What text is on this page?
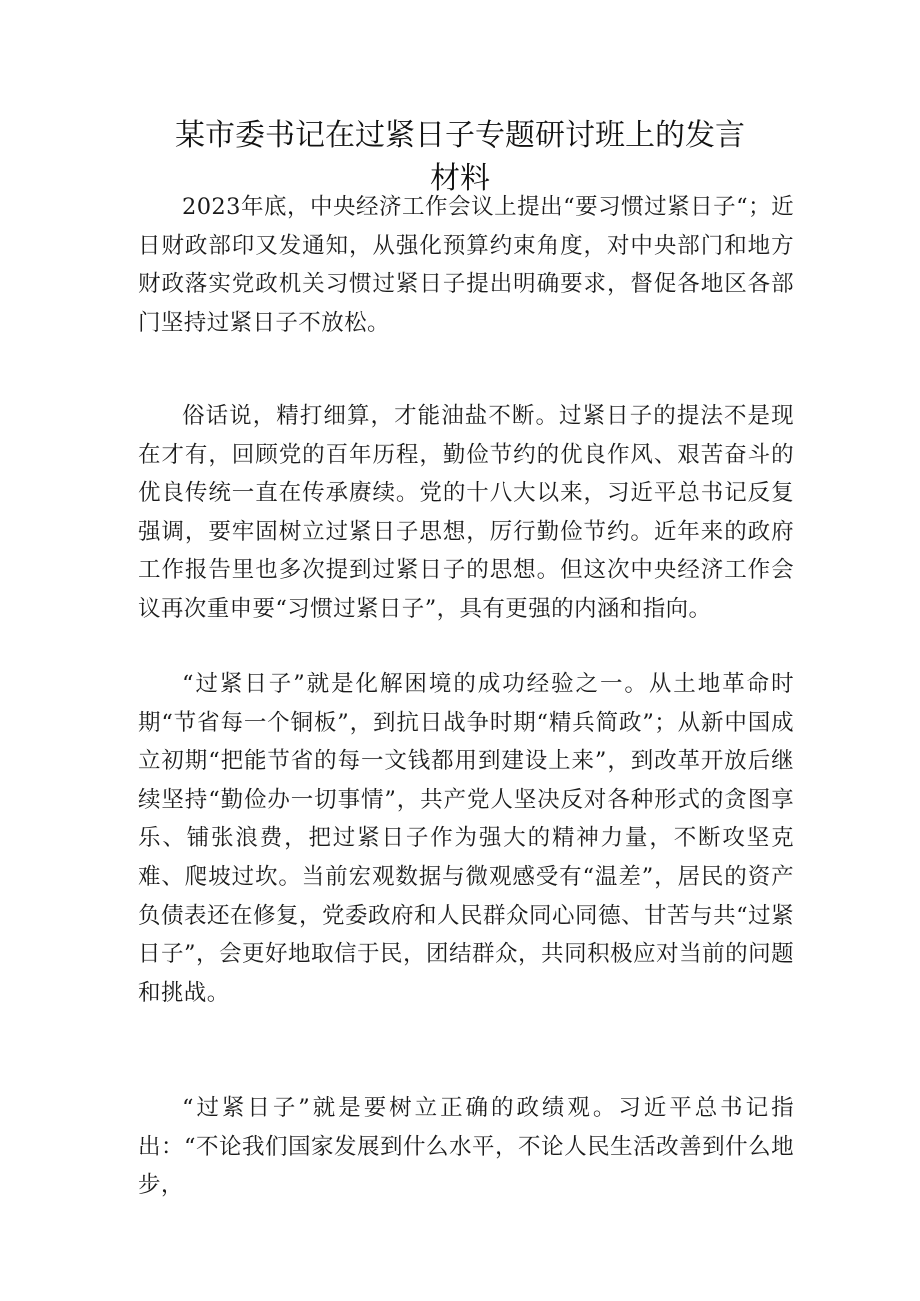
某市委书记在过紧日子专题研讨班上的发言
材料

2023年底，中央经济工作会议上提出“要习惯过紧日子“；近日财政部印又发通知，从强化预算约束角度，对中央部门和地方财政落实党政机关习惯过紧日子提出明确要求，督促各地区各部门坚持过紧日子不放松。

俗话说，精打细算，才能油盐不断。过紧日子的提法不是现在才有，回顾党的百年历程，勤俭节约的优良作风、艰苦奋斗的优良传统一直在传承赓续。党的十八大以来，习近平总书记反复强调，要牢固树立过紧日子思想，厉行勤俭节约。近年来的政府工作报告里也多次提到过紧日子的思想。但这次中央经济工作会议再次重申要“习惯过紧日子”，具有更强的内涵和指向。

“过紧日子”就是化解困境的成功经验之一。从土地革命时期“节省每一个铜板”，到抗日战争时期“精兵简政”；从新中国成立初期“把能节省的每一文钱都用到建设上来”，到改革开放后继续坚持“勤俭办一切事情”，共产党人坚决反对各种形式的贪图享乐、铺张浪费，把过紧日子作为强大的精神力量，不断攻坚克难、爬坡过坎。当前宏观数据与微观感受有“温差”，居民的资产负债表还在修复，党委政府和人民群众同心同德、甘苦与共“过紧日子”，会更好地取信于民，团结群众，共同积极应对当前的问题和挑战。

“过紧日子”就是要树立正确的政绩观。习近平总书记指出：“不论我们国家发展到什么水平，不论人民生活改善到什么地步，
